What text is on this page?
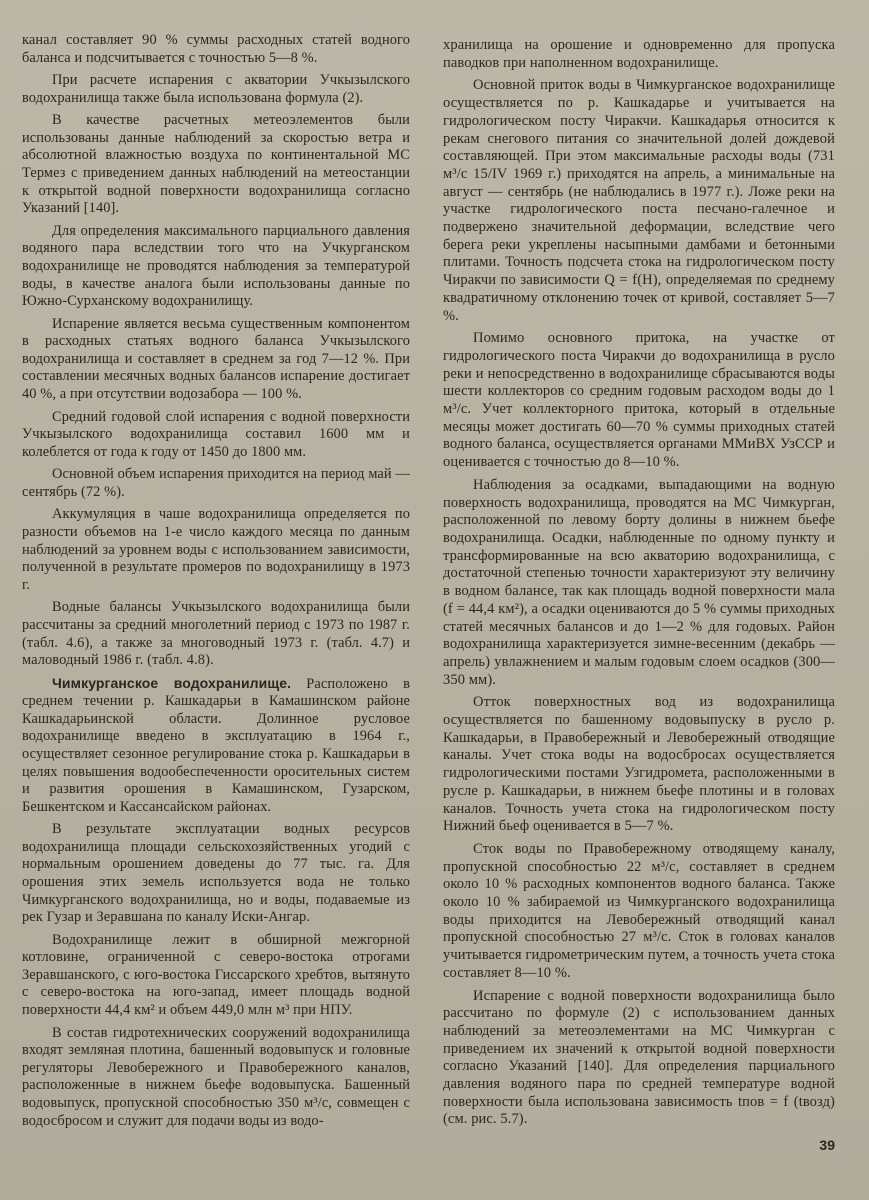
канал составляет 90 % суммы расходных статей водного баланса и подсчитывается с точностью 5—8 %.

При расчете испарения с акватории Учкызылского водохранилища также была использована формула (2).

В качестве расчетных метеоэлементов были использованы данные наблюдений за скоростью ветра и абсолютной влажностью воздуха по континентальной МС Термез с приведением данных наблюдений на метеостанции к открытой водной поверхности водохранилища согласно Указаний [140].

Для определения максимального парциального давления водяного пара вследствии того что на Учкурганском водохранилище не проводятся наблюдения за температурой воды, в качестве аналога были использованы данные по Южно-Сурханскому водохранилищу.

Испарение является весьма существенным компонентом в расходных статьях водного баланса Учкызылского водохранилища и составляет в среднем за год 7—12 %. При составлении месячных водных балансов испарение достигает 40 %, а при отсутствии водозабора — 100 %.

Средний годовой слой испарения с водной поверхности Учкызылского водохранилища составил 1600 мм и колеблется от года к году от 1450 до 1800 мм.

Основной объем испарения приходится на период май — сентябрь (72 %).

Аккумуляция в чаше водохранилища определяется по разности объемов на 1-е число каждого месяца по данным наблюдений за уровнем воды с использованием зависимости, полученной в результате промеров по водохранилищу в 1973 г.

Водные балансы Учкызылского водохранилища были рассчитаны за средний многолетний период с 1973 по 1987 г. (табл. 4.6), а также за многоводный 1973 г. (табл. 4.7) и маловодный 1986 г. (табл. 4.8).

Чимкурганское водохранилище. Расположено в среднем течении р. Кашкадарьи в Камашинском районе Кашкадарьинской области. Долинное русловое водохранилище введено в эксплуатацию в 1964 г., осуществляет сезонное регулирование стока р. Кашкадарьи в целях повышения водообеспеченности оросительных систем и развития орошения в Камашинском, Гузарском, Бешкентском и Кассансайском районах.

В результате эксплуатации водных ресурсов водохранилища площади сельскохозяйственных угодий с нормальным орошением доведены до 77 тыс. га. Для орошения этих земель используется вода не только Чимкурганского водохранилища, но и воды, подаваемые из рек Гузар и Зеравшана по каналу Иски-Ангар.

Водохранилище лежит в обширной межгорной котловине, ограниченной с северо-востока отрогами Зеравшанского, с юго-востока Гиссарского хребтов, вытянуто с северо-востока на юго-запад, имеет площадь водной поверхности 44,4 км² и объем 449,0 млн м³ при НПУ.

В состав гидротехнических сооружений водохранилища входят земляная плотина, башенный водовыпуск и головные регуляторы Левобережного и Правобережного каналов, расположенные в нижнем бьефе водовыпуска. Башенный водовыпуск, пропускной способностью 350 м³/с, совмещен с водосбросом и служит для подачи воды из водо-

хранилища на орошение и одновременно для пропуска паводков при наполненном водохранилище.

Основной приток воды в Чимкурганское водохранилище осуществляется по р. Кашкадарье и учитывается на гидрологическом посту Чиракчи. Кашкадарья относится к рекам снегового питания со значительной долей дождевой составляющей. При этом максимальные расходы воды (731 м³/с 15/IV 1969 г.) приходятся на апрель, а минимальные на август — сентябрь (не наблюдались в 1977 г.). Ложе реки на участке гидрологического поста песчано-галечное и подвержено значительной деформации, вследствие чего берега реки укреплены насыпными дамбами и бетонными плитами. Точность подсчета стока на гидрологическом посту Чиракчи по зависимости Q = f(H), определяемая по среднему квадратичному отклонению точек от кривой, составляет 5—7 %.

Помимо основного притока, на участке от гидрологического поста Чиракчи до водохранилища в русло реки и непосредственно в водохранилище сбрасываются воды шести коллекторов со средним годовым расходом воды до 1 м³/с. Учет коллекторного притока, который в отдельные месяцы может достигать 60—70 % суммы приходных статей водного баланса, осуществляется органами ММиВХ УзССР и оценивается с точностью до 8—10 %.

Наблюдения за осадками, выпадающими на водную поверхность водохранилища, проводятся на МС Чимкурган, расположенной по левому борту долины в нижнем бьефе водохранилища. Осадки, наблюденные по одному пункту и трансформированные на всю акваторию водохранилища, с достаточной степенью точности характеризуют эту величину в водном балансе, так как площадь водной поверхности мала (f = 44,4 км²), а осадки оцениваются до 5 % суммы приходных статей месячных балансов и до 1—2 % для годовых. Район водохранилища характеризуется зимне-весенним (декабрь — апрель) увлажнением и малым годовым слоем осадков (300—350 мм).

Отток поверхностных вод из водохранилища осуществляется по башенному водовыпуску в русло р. Кашкадарьи, в Правобережный и Левобережный отводящие каналы. Учет стока воды на водосбросах осуществляется гидрологическими постами Узгидромета, расположенными в русле р. Кашкадарьи, в нижнем бьефе плотины и в головах каналов. Точность учета стока на гидрологическом посту Нижний бьеф оценивается в 5—7 %.

Сток воды по Правобережному отводящему каналу, пропускной способностью 22 м³/с, составляет в среднем около 10 % расходных компонентов водного баланса. Также около 10 % забираемой из Чимкурганского водохранилища воды приходится на Левобережный отводящий канал пропускной способностью 27 м³/с. Сток в головах каналов учитывается гидрометрическим путем, а точность учета стока составляет 8—10 %.

Испарение с водной поверхности водохранилища было рассчитано по формуле (2) с использованием данных наблюдений за метеоэлементами на МС Чимкурган с приведением их значений к открытой водной поверхности согласно Указаний [140]. Для определения парциального давления водяного пара по средней температуре водной поверхности была использована зависимость tпов = f (tвозд) (см. рис. 5.7).

39
